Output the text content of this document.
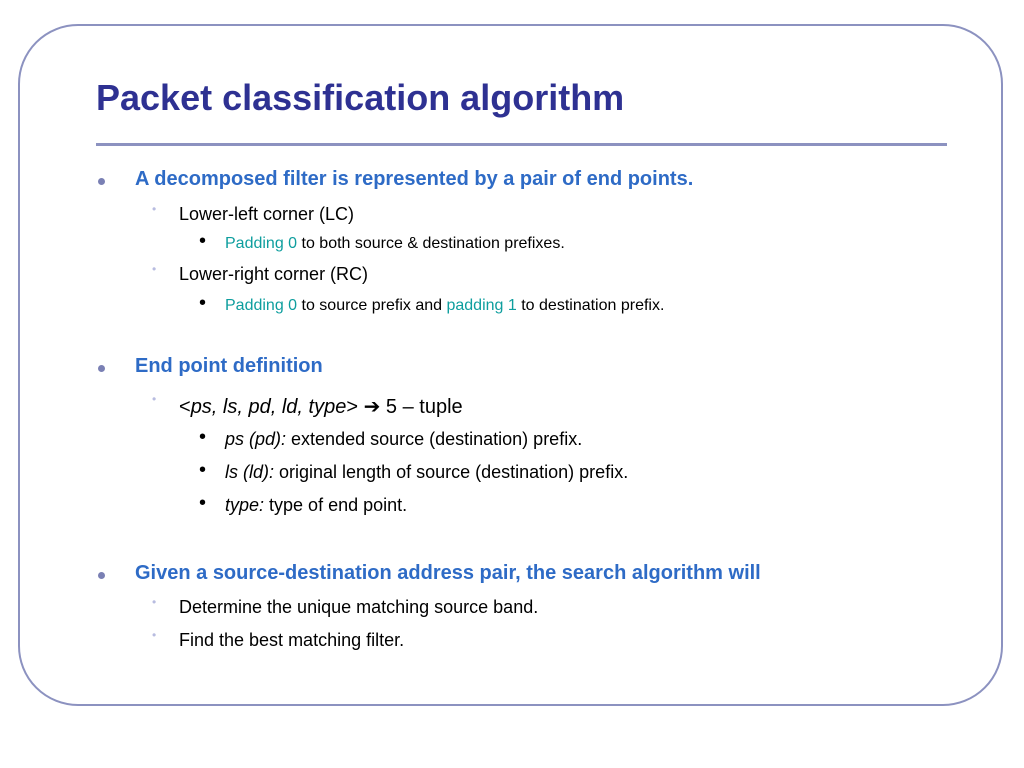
Packet classification algorithm
A decomposed filter is represented by a pair of end points.
• Lower-left corner (LC)
• Padding 0 to both source & destination prefixes.
• Lower-right corner (RC)
• Padding 0 to source prefix and padding 1 to destination prefix.
End point definition
• <ps, ls, pd, ld, type> ➔ 5 – tuple
• ps (pd): extended source (destination) prefix.
• ls (ld): original length of source (destination) prefix.
• type: type of end point.
Given a source-destination address pair, the search algorithm will
• Determine the unique matching source band.
• Find the best matching filter.
